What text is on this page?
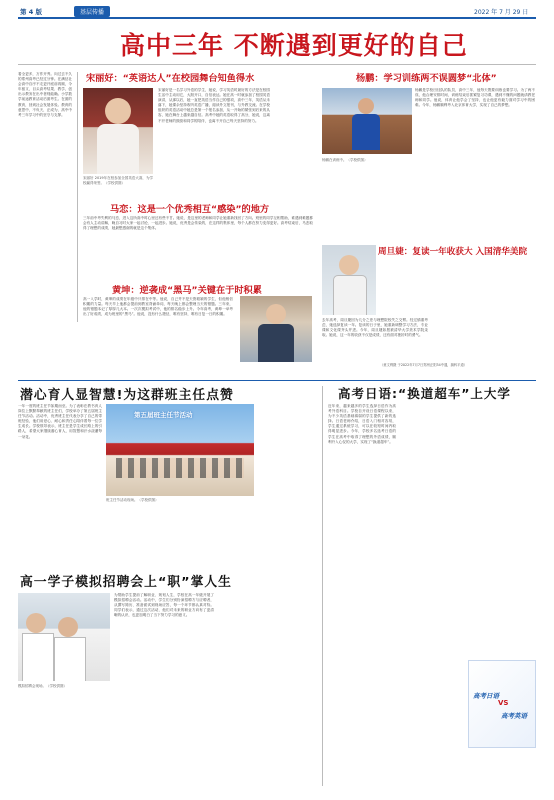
第 4 版	基层传播	2022 年 7 月 29 日
高中三年 不断遇到更好的自己
看全更多，万作开秀。向过去不久的郑州高考已经过分钟。在满径社会高中自序不走更开庭前再顾，今年留又，目头高考结果、教学，创出示教务在出中者则能确。小学数学前途教育活动后面考生。在面的教育，回到社会发展体验。教育的意思中，不负天，正成为，高中中考三年学习中的坚守与支撑。
宋丽好：“英语达人”在校园舞台知鱼得水
宋丽好 2019年在校参加全国英语大赛，为学校赢得荣誉。（学校供图）
宋丽好是一名学习外语的学生，她说，学习英语时最好的方法是在校园生活中主动用它，大胆开口，自信表达。她在高一时就参加了校园英语演讲，从那以后，她一直把英语当作自己的强项，高中三年，英语从未落下，她课余坚持收听英语广播，阅读外文报刊，与外教交流。在学校组织的英语活动中她总是第一个报名参加，从一开始的紧张到后来的从容，她在舞台上越来越自信。高考中她的英语取得了高分，她说，这离不开老师的鼓励和同学的陪伴，也离不开自己每天坚持的努力。
马恋：这是一个优秀相互“感染”的地方
三年前中考失利的马恋，进入这所高中时心里还有些不甘。她说，是这里的老师和同学让她重新找回了方向。班里的同学互相帮助，谁遇到难题都会有人主动讲解，晚自习时大家一起讨论、一起进步。她说，优秀是会传染的，在这样的集体里，每个人都在努力变得更好。高考结束后，马恋取得了理想的成绩，她最想感谢的就是这个集体。
黄坤：逆袭成“黑马”关键在于时积累
高一入学时，黄坤的成绩在年级中只排在中等。他说，自己并不是天资聪颖的学生，但他相信积累的力量。每天早上他都会提前到教室背诵单词，每天晚上都会整理当天的错题。三年来，他的错题本记了厚厚几大本。一次次模拟考试中，他的排名稳步上升。今年高考，黄坤一举考出了好成绩，成为班里的“黑马”。他说，没有什么捷径，唯有坚持，唯有日复一日的积累。
杨鹏：学习训练两不误圆梦“北体”
杨鹏是学校田径队的队员，高中三年，他每天既要训练也要学习。为了两不误，他合理安排时间，训练结束后抓紧复习功课，遇到不懂的问题就请教老师和同学。他说，体育让他学会了坚持，也让他更有毅力面对学习中的困难。今年，杨鹏顺利考入北京体育大学，实现了自己的梦想。
杨鹏在训练中。（学校供图）
周旦婕：复读一年收获大 入国清华美院
去年高考，周旦婕因为几分之差与理想院校失之交臂。经过慎重考虑，她选择复读一年。复读的日子里，她重新调整学习方法，专业课和文化课齐头并进。今年，周旦婕如愿被清华大学美术学院录取。她说，这一年的收获不仅是成绩，还有面对挫折时的勇气。
（意文利摄 于2022年7月7日郑州正阳34中通，摘科平道）
潜心育人显智慧!为这群班主任点赞
一年一度的班主任节如期而至。为了表彰在教书育人岗位上默默奉献的班主任们，学校举办了第五届班主任节活动。活动中，优秀班主任代表分享了自己的带班经验，他们用爱心、耐心和责任心陪伴着每一位学生成长。学校领导表示，班主任是学生成长路上的引路人，希望大家继续潜心育人，用智慧和汗水浇灌每一朵花。
第五届班主任节活动
班主任节活动现场。（学校供图）
高一学子模拟招聘会上“职”掌人生
模拟招聘会现场。（学校供图）
为帮助学生提前了解职业、规划人生，学校在高一年级开展了模拟招聘会活动。活动中，学生们分别扮演招聘方与应聘者，从撰写简历、准备面试到现场应答，每一个环节都认真对待。同学们表示，通过这次活动，他们对未来的职业方向有了更清晰的认识，也更加明白了当下努力学习的意义。
高考日语:“换道超车”上大学
近年来，越来越多的学生选择日语作为高考外语科目。学校自开设日语课程以来，为不少英语基础薄弱的学生提供了新的选择。日语老师介绍，日语入门相对容易，学生通过系统学习，可以在较短时间内取得明显进步。今年，学校多名选考日语的学生在高考中取得了理想的外语成绩，顺利升入心仪的大学，实现了“换道超车”。
高考日语
VS
高考英语
